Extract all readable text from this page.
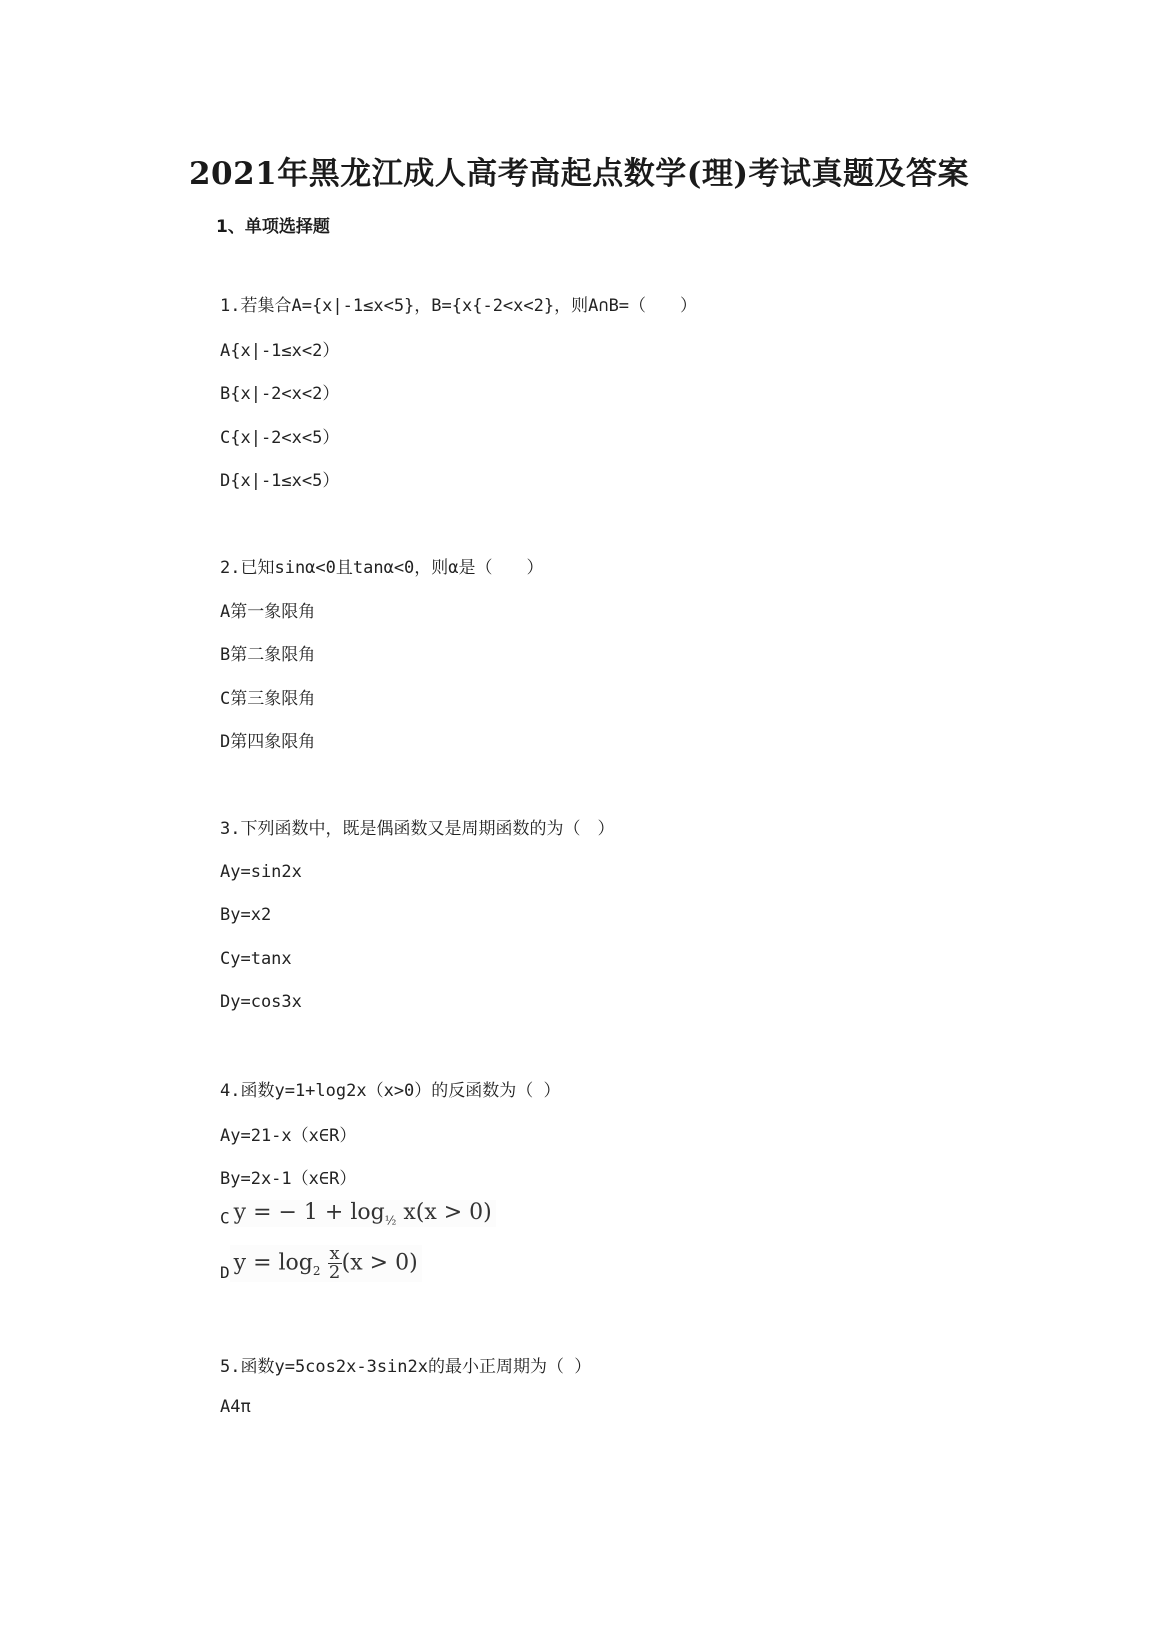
2021年黑龙江成人高考高起点数学(理)考试真题及答案
1、单项选择题
1.若集合A={x|-1≤x<5}，B={x{-2<x<2}，则A∩B=（　　）
A{x|-1≤x<2）
B{x|-2<x<2）
C{x|-2<x<5）
D{x|-1≤x<5）
2.已知sinα<0且tanα<0，则α是（　　）
A第一象限角
B第二象限角
C第三象限角
D第四象限角
3.下列函数中，既是偶函数又是周期函数的为（　）
Ay=sin2x
By=x2
Cy=tanx
Dy=cos3x
4.函数y=1+log2x（x>0）的反函数为（ ）
Ay=21-x（x∈R）
By=2x-1（x∈R）
C y = − $1 + \log_{\frac{1}{2}} x(x > 0)$
D $y = \log_2 \frac{x}{2} (x > 0)$
5.函数y=5cos2x-3sin2x的最小正周期为（ ）
A4π
